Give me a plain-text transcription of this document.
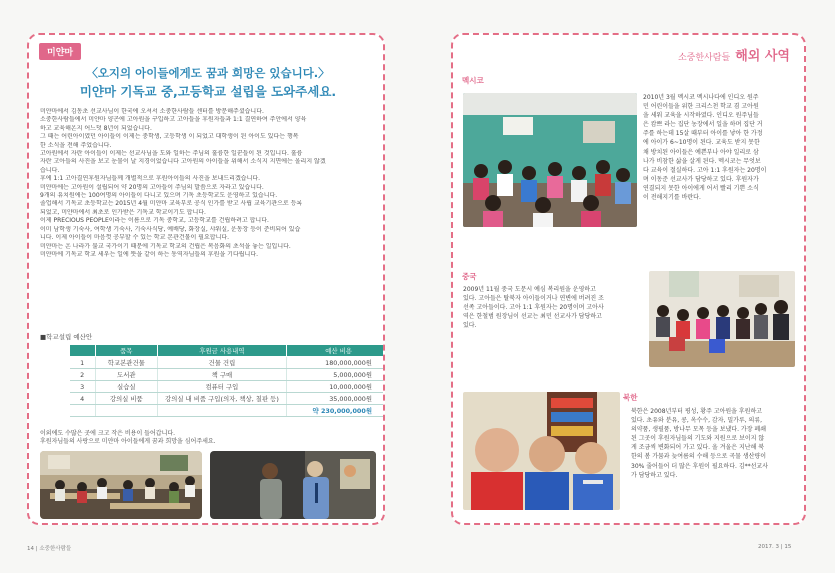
미얀마
〈오지의 아이들에게도 꿈과 희망은 있습니다.〉
미얀마 기독교 중,고등학교 설립을 도와주세요.

미얀마에서 김동초 선교사님이 한국에 오셔서 소중한사람들 센터를 방문해주셨습니다.

소중한사람들에서 미얀마 양곤에 고아원을 구입하고 고아들을 후원자들과 1:1 결연하여 주안에서 양육

하고 교육해온지 어느덧 8년이 되었습니다.

그 때는 어린아이였던 아이들이 이제는 중학생, 고등학생 이 되었고 대학생이 된 아이도 있다는 행복

한 소식을 전해 주었습니다.

고아원에서 자란 아이들이 이제는 선교사님을 도와 일하는 주님의 훌륭한 일꾼들이 된 것입니다. 훌륭

자란 고아들의 사진을 보고 눈물이 날 지경이었습니다 고아원의 아이들을 위해서 소식지 지면에는 올리지 않겠

습니다.

후에 1:1 고아결연후원자님들께 개별적으로 후원아이들의 사진을 보내드리겠습니다.

미얀마에는 고아원이 설립되어 약 20명의 고아들이 주님의 말씀으로 자라고 있습니다.

9개의 유치원에는 100여명의 아이들이 다니고 있으며 기독 초등학교도 운영하고 있습니다.

졸업해서 기독교 초등학교는 2015년 4월 미얀마 교육부로 공식 인가를 받고 사립 교육기관으로 등록

되었고, 미얀마에서 최초로 인가받은 기독교 학교이기도 합니다.

이제 PRECIOUS PEOPLE이라는 이름으로 기독 중학교, 고등학교를 건립하려고 합니다.

이미 남학생 기숙사, 여학생 기숙사, 기숙사식당, 예배당, 화장실, 샤워실, 운동장 등이 준비되어 있습

니다. 이제 아이들이 마음껏 공부할 수 있는 학교 본관건물이 필요합니다.

미얀마는 온 나라가 불교 국가이기 때문에 기독교 학교의 건립은 복음화의 초석을 놓는 일입니다.

미얀마에 기독교 학교 세우는 일에 뜻을 같이 하는 동역자님들의 후원을 기다립니다.

■학교설립 예산안
	품목	후원금 사용내역	예산 비용
1	학교본관건물	건물 건립	180,000,000원
2	도서관	책 구매	5,000,000원
3	실습실	컴퓨터 구입	10,000,000원
4	강의실 비품	강의실 내 비품 구입(의자, 책상, 칠판 등)	35,000,000원
			약 230,000,000원

이외에도 수많은 곳에 크고 작은 비용이 들어갑니다.

후원자님들의 사랑으로 미얀마 아이들에게 꿈과 희망을 심어주세요.

소중한사람들 해외 사역
멕시코

2010년 3월 멕시코 멕시나다에 인디오 원주

민 어린이들을 위한 크리스천 학교 겸 고아원

을 세워 교육을 시작하였다. 인디오 원주님들

은 캄쁘 라는 집단 농장에서 일을 하며 집단 거

주를 하는데 15살 때부터 아이를 낳아 한 가정

에 아이가 6~10명이 된다. 교육도 받지 못한

채 방치된 아이들은 예쁜부나 아야 일리로 삼

나가 비참한 삶을 살게 된다. 멕시코는 무엇보

다 교육이 절실하다. 고아 1:1 후원자는 20명이

며 이동준 선교사가 담당하고 있다. 후원자가

연결되지 못한 아이에게 어서 빨리 기쁜 소식

이 전해지기를 바란다.

중국

2009년 11월 중국 도문시 예심 복리원을 운영하고

있다. 고아들은 탈북자 아이들이거나 연변에 버려진 조

선족 고아들이다. 고아 1:1 후원자는 20명이며 고아사

역은 한철범 원장님이 선교는 최민 선교사가 담당하고

있다.

북한

북한은 2008년부터 평성, 황주 고아원을 후원하고

있다. 초유와 분유, 콩, 옥수수, 감자, 밀가루, 의류,

의약품, 생필품, 방나무 모목 등을 보냈다. 가장 폐쇄

된 그곳이 후원자님들의 기도와 지원으로 보이지 않

게 조금씩 변화되어 가고 있다. 올 겨울은 지난해 북

한의 봄 가뭄과 늦여름의 수해 등으로 곡물 생산량이

30% 줄어들어 더 많은 후원이 필요하다. 김**선교사

가 담당하고 있다.

14 | 소중한사람들	2017. 3 | 15
